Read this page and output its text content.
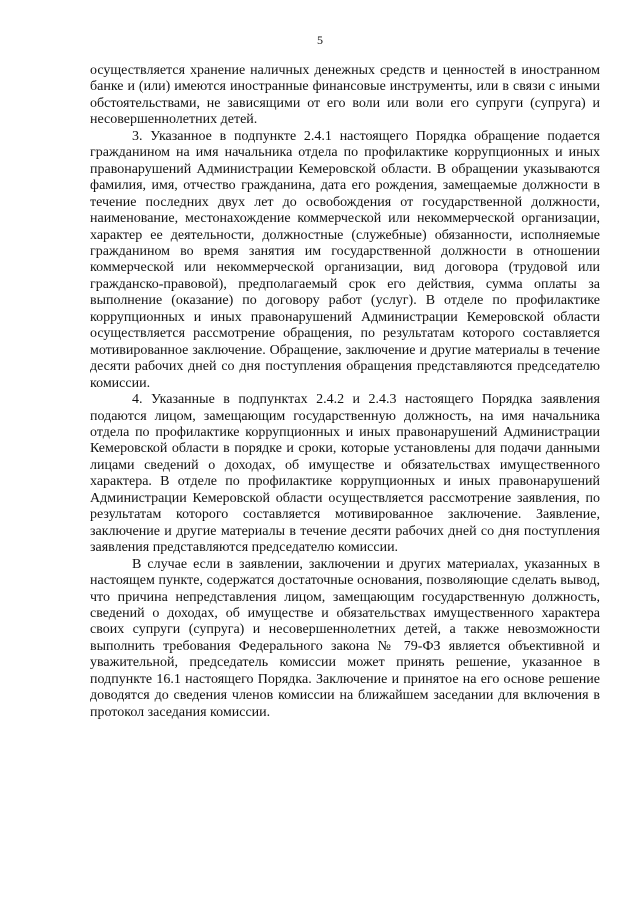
5

осуществляется хранение наличных денежных средств и ценностей в иностранном банке и (или) имеются иностранные финансовые инструменты, или в связи с иными обстоятельствами, не зависящими от его воли или воли его супруги (супруга) и несовершеннолетних детей.

3. Указанное в подпункте 2.4.1 настоящего Порядка обращение подается гражданином на имя начальника отдела по профилактике коррупционных и иных правонарушений Администрации Кемеровской области. В обращении указываются фамилия, имя, отчество гражданина, дата его рождения, замещаемые должности в течение последних двух лет до освобождения от государственной должности, наименование, местонахождение коммерческой или некоммерческой организации, характер ее деятельности, должностные (служебные) обязанности, исполняемые гражданином во время занятия им государственной должности в отношении коммерческой или некоммерческой организации, вид договора (трудовой или гражданско-правовой), предполагаемый срок его действия, сумма оплаты за выполнение (оказание) по договору работ (услуг). В отделе по профилактике коррупционных и иных правонарушений Администрации Кемеровской области осуществляется рассмотрение обращения, по результатам которого составляется мотивированное заключение. Обращение, заключение и другие материалы в течение десяти рабочих дней со дня поступления обращения представляются председателю комиссии.

4. Указанные в подпунктах 2.4.2 и 2.4.3 настоящего Порядка заявления подаются лицом, замещающим государственную должность, на имя начальника отдела по профилактике коррупционных и иных правонарушений Администрации Кемеровской области в порядке и сроки, которые установлены для подачи данными лицами сведений о доходах, об имуществе и обязательствах имущественного характера. В отделе по профилактике коррупционных и иных правонарушений Администрации Кемеровской области осуществляется рассмотрение заявления, по результатам которого составляется мотивированное заключение. Заявление, заключение и другие материалы в течение десяти рабочих дней со дня поступления заявления представляются председателю комиссии.

В случае если в заявлении, заключении и других материалах, указанных в настоящем пункте, содержатся достаточные основания, позволяющие сделать вывод, что причина непредставления лицом, замещающим государственную должность, сведений о доходах, об имуществе и обязательствах имущественного характера своих супруги (супруга) и несовершеннолетних детей, а также невозможности выполнить требования Федерального закона № 79-ФЗ является объективной и уважительной, председатель комиссии может принять решение, указанное в подпункте 16.1 настоящего Порядка. Заключение и принятое на его основе решение доводятся до сведения членов комиссии на ближайшем заседании для включения в протокол заседания комиссии.
